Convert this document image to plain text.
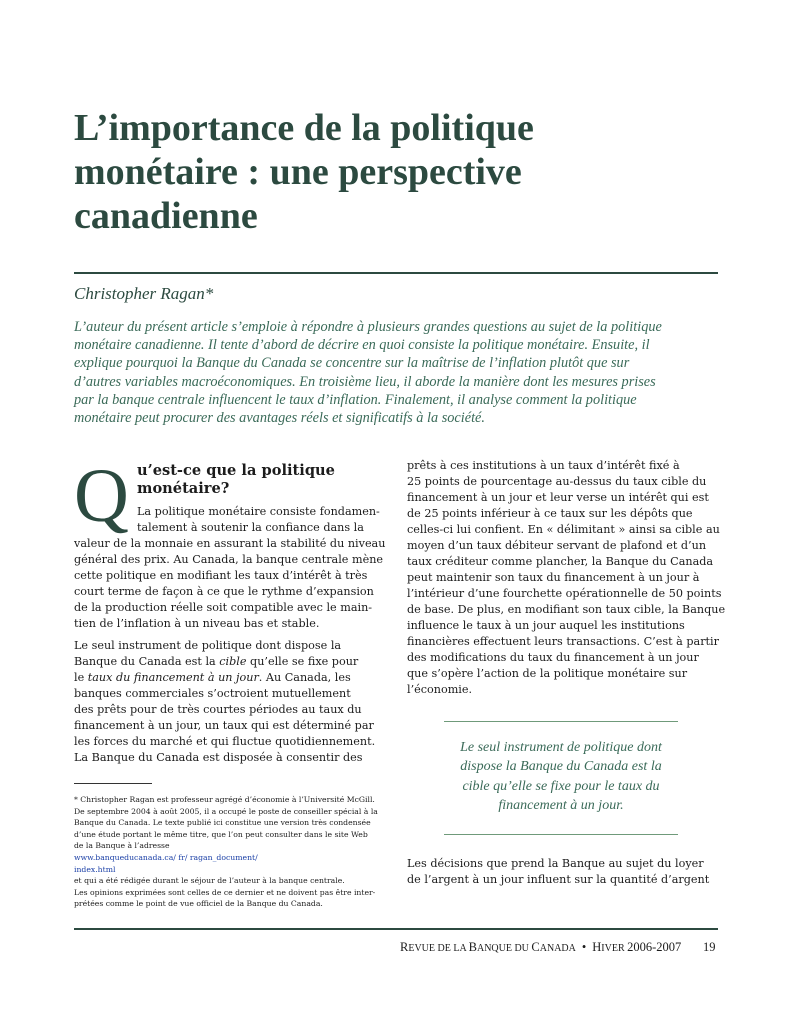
L’importance de la politique
monétaire : une perspective
canadienne

Christopher Ragan*

L’auteur du présent article s’emploie à répondre à plusieurs grandes questions au sujet de la politique
monétaire canadienne. Il tente d’abord de décrire en quoi consiste la politique monétaire. Ensuite, il
explique pourquoi la Banque du Canada se concentre sur la maîtrise de l’inflation plutôt que sur
d’autres variables macroéconomiques. En troisième lieu, il aborde la manière dont les mesures prises
par la banque centrale influencent le taux d’inflation. Finalement, il analyse comment la politique
monétaire peut procurer des avantages réels et significatifs à la société.
Q u’est-ce que la politique
monétaire?
La politique monétaire consiste fondamen-
talement à soutenir la confiance dans la
valeur de la monnaie en assurant la stabilité du niveau
général des prix. Au Canada, la banque centrale mène
cette politique en modifiant les taux d’intérêt à très
court terme de façon à ce que le rythme d’expansion
de la production réelle soit compatible avec le main-
tien de l’inflation à un niveau bas et stable.
Le seul instrument de politique dont dispose la
Banque du Canada est la cible qu’elle se fixe pour
le taux du financement à un jour. Au Canada, les
banques commerciales s’octroient mutuellement
des prêts pour de très courtes périodes au taux du
financement à un jour, un taux qui est déterminé par
les forces du marché et qui fluctue quotidiennement.
La Banque du Canada est disposée à consentir des
* Christopher Ragan est professeur agrégé d’économie à l’Université McGill.
De septembre 2004 à août 2005, il a occupé le poste de conseiller spécial à la
Banque du Canada. Le texte publié ici constitue une version très condensée
d’une étude portant le même titre, que l’on peut consulter dans le site Web
de la Banque à l’adresse
www.banqueducanada.ca/ fr/ ragan_document/
index.html
et qui a été rédigée durant le séjour de l’auteur à la banque centrale.
Les opinions exprimées sont celles de ce dernier et ne doivent pas être inter-
prétées comme le point de vue officiel de la Banque du Canada.
prêts à ces institutions à un taux d’intérêt fixé à
25 points de pourcentage au-dessus du taux cible du
financement à un jour et leur verse un intérêt qui est
de 25 points inférieur à ce taux sur les dépôts que
celles-ci lui confient. En « délimitant » ainsi sa cible au
moyen d’un taux débiteur servant de plafond et d’un
taux créditeur comme plancher, la Banque du Canada
peut maintenir son taux du financement à un jour à
l’intérieur d’une fourchette opérationnelle de 50 points
de base. De plus, en modifiant son taux cible, la Banque
influence le taux à un jour auquel les institutions
financières effectuent leurs transactions. C’est à partir
des modifications du taux du financement à un jour
que s’opère l’action de la politique monétaire sur
l’économie.
Le seul instrument de politique dont
dispose la Banque du Canada est la
cible qu’elle se fixe pour le taux du
financement à un jour.
Les décisions que prend la Banque au sujet du loyer
de l’argent à un jour influent sur la quantité d’argent
REVUE DE LA BANQUE DU CANADA • HIVER 2006-2007 19
